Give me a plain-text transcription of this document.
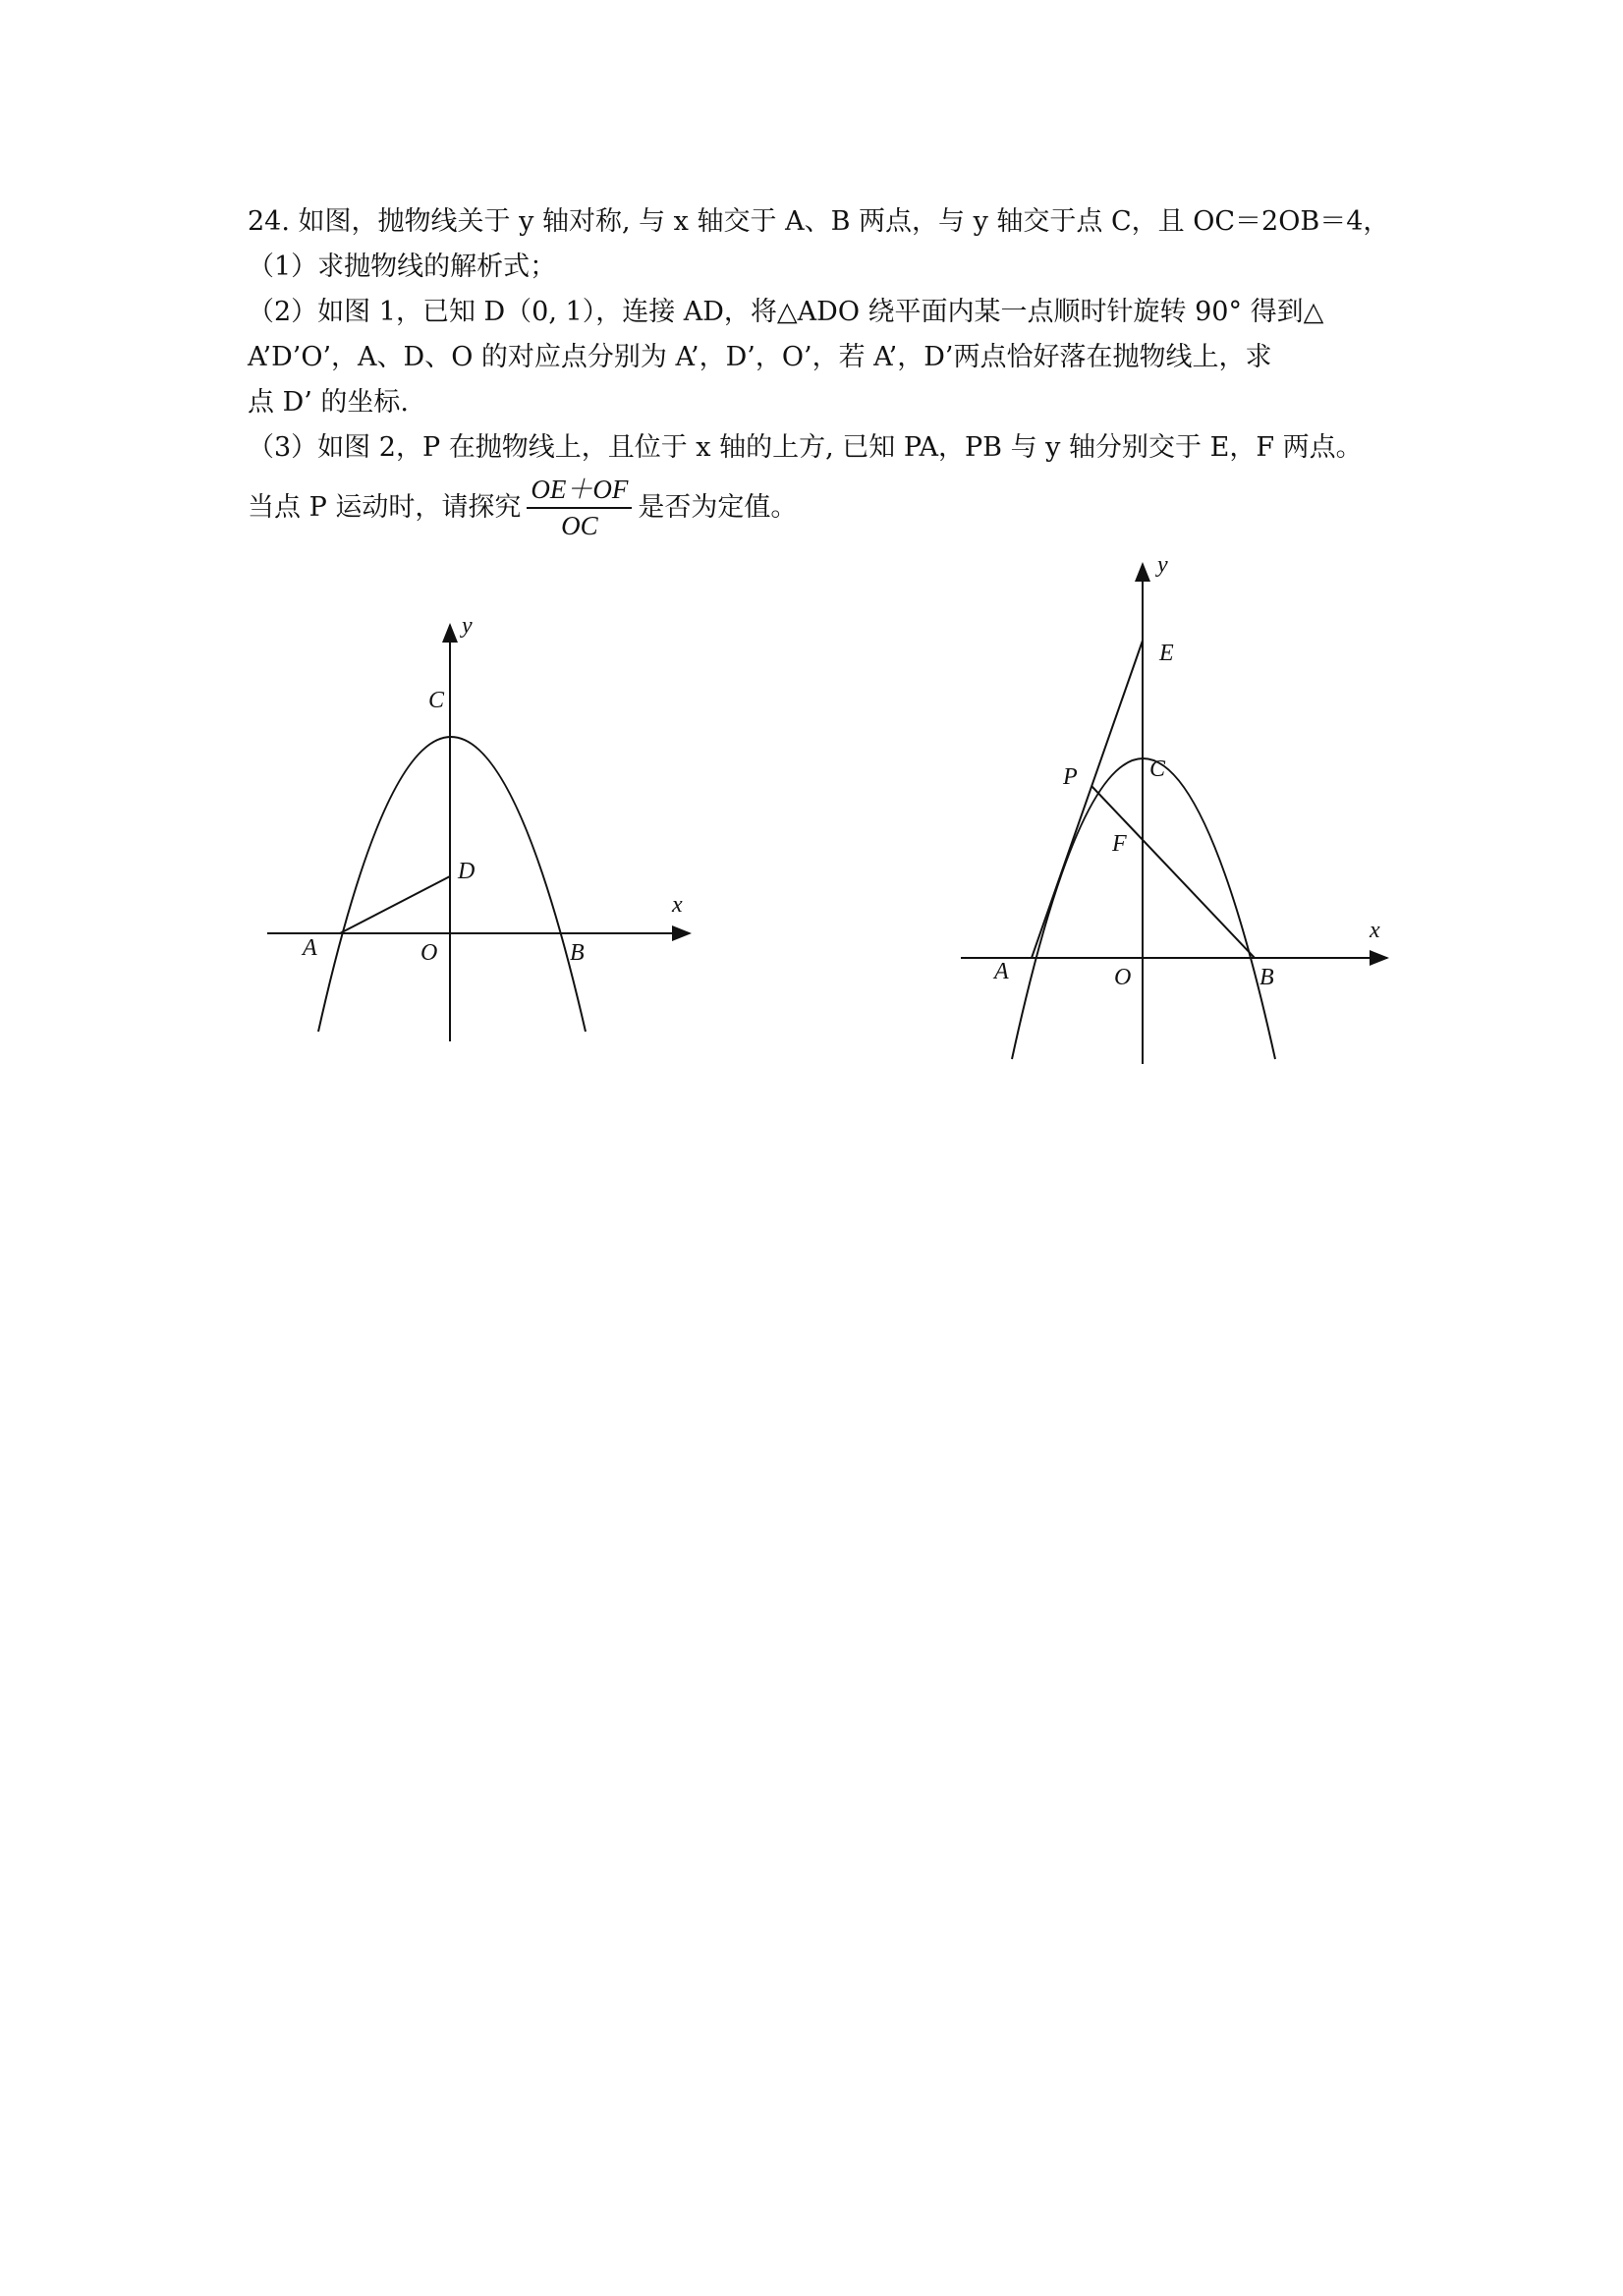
24. 如图，抛物线关于 y 轴对称, 与 x 轴交于 A、B 两点，与 y 轴交于点 C，且 OC＝2OB＝4，

（1）求抛物线的解析式；

（2）如图 1，已知 D（0, 1），连接 AD，将△ADO 绕平面内某一点顺时针旋转 90° 得到△

A’D’O’，A、D、O 的对应点分别为 A’，D’，O’，若 A’，D’两点恰好落在抛物线上，求

点 D’ 的坐标.

（3）如图 2，P 在抛物线上，且位于 x 轴的上方, 已知 PA，PB 与 y 轴分别交于 E，F 两点。

当点 P 运动时，请探究 $\frac{OE+OF}{OC}$ 是否为定值。

y
x
C
D
A	O	B
y
x
E
C
P
F
A	O	B
